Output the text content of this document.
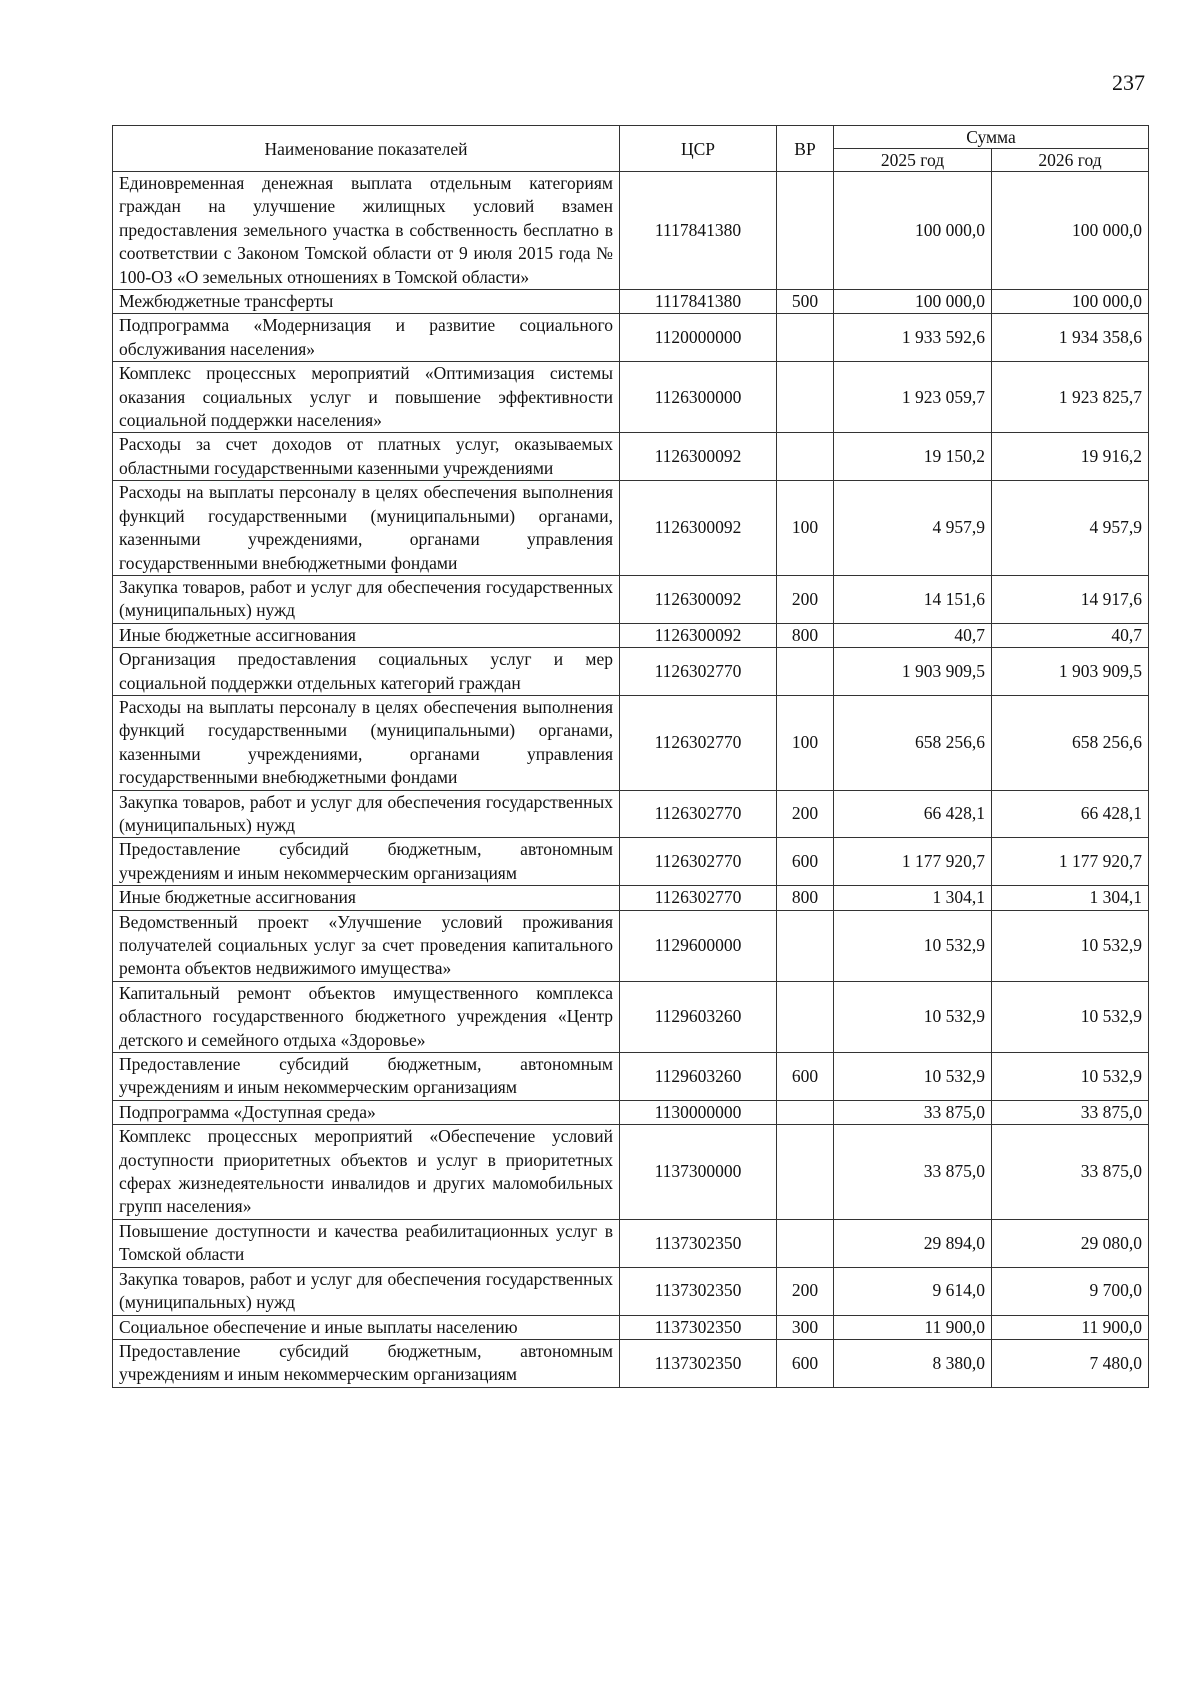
237
Наименование показателей	ЦСР	ВР	Сумма	
			2025 год	2026 год
Единовременная денежная выплата отдельным категориям граждан на улучшение жилищных условий взамен предоставления земельного участка в собственность бесплатно в соответствии с Законом Томской области от 9 июля 2015 года № 100-ОЗ «О земельных отношениях в Томской области»	1117841380		100 000,0	100 000,0
Межбюджетные трансферты	1117841380	500	100 000,0	100 000,0
Подпрограмма «Модернизация и развитие социального обслуживания населения»	1120000000		1 933 592,6	1 934 358,6
Комплекс процессных мероприятий «Оптимизация системы оказания социальных услуг и повышение эффективности социальной поддержки населения»	1126300000		1 923 059,7	1 923 825,7
Расходы за счет доходов от платных услуг, оказываемых областными государственными казенными учреждениями	1126300092		19 150,2	19 916,2
Расходы на выплаты персоналу в целях обеспечения выполнения функций государственными (муниципальными) органами, казенными учреждениями, органами управления государственными внебюджетными фондами	1126300092	100	4 957,9	4 957,9
Закупка товаров, работ и услуг для обеспечения государственных (муниципальных) нужд	1126300092	200	14 151,6	14 917,6
Иные бюджетные ассигнования	1126300092	800	40,7	40,7
Организация предоставления социальных услуг и мер социальной поддержки отдельных категорий граждан	1126302770		1 903 909,5	1 903 909,5
Расходы на выплаты персоналу в целях обеспечения выполнения функций государственными (муниципальными) органами, казенными учреждениями, органами управления государственными внебюджетными фондами	1126302770	100	658 256,6	658 256,6
Закупка товаров, работ и услуг для обеспечения государственных (муниципальных) нужд	1126302770	200	66 428,1	66 428,1
Предоставление субсидий бюджетным, автономным учреждениям и иным некоммерческим организациям	1126302770	600	1 177 920,7	1 177 920,7
Иные бюджетные ассигнования	1126302770	800	1 304,1	1 304,1
Ведомственный проект «Улучшение условий проживания получателей социальных услуг за счет проведения капитального ремонта объектов недвижимого имущества»	1129600000		10 532,9	10 532,9
Капитальный ремонт объектов имущественного комплекса областного государственного бюджетного учреждения «Центр детского и семейного отдыха «Здоровье»	1129603260		10 532,9	10 532,9
Предоставление субсидий бюджетным, автономным учреждениям и иным некоммерческим организациям	1129603260	600	10 532,9	10 532,9
Подпрограмма «Доступная среда»	1130000000		33 875,0	33 875,0
Комплекс процессных мероприятий «Обеспечение условий доступности приоритетных объектов и услуг в приоритетных сферах жизнедеятельности инвалидов и других маломобильных групп населения»	1137300000		33 875,0	33 875,0
Повышение доступности и качества реабилитационных услуг в Томской области	1137302350		29 894,0	29 080,0
Закупка товаров, работ и услуг для обеспечения государственных (муниципальных) нужд	1137302350	200	9 614,0	9 700,0
Социальное обеспечение и иные выплаты населению	1137302350	300	11 900,0	11 900,0
Предоставление субсидий бюджетным, автономным учреждениям и иным некоммерческим организациям	1137302350	600	8 380,0	7 480,0
